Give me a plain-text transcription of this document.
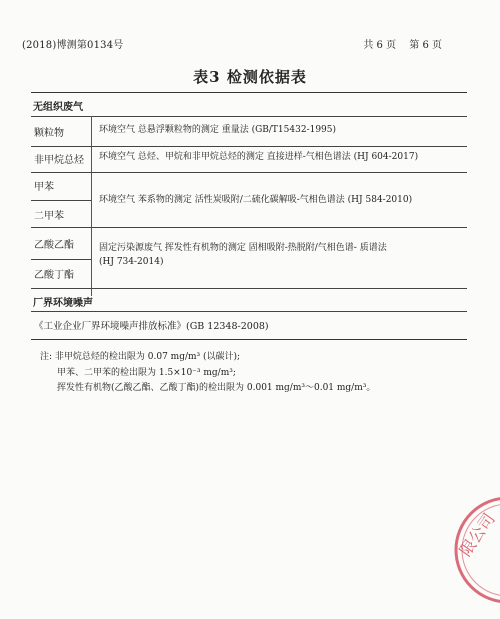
(2018)博测第0134号	共 6 页 第 6 页
表3 检测依据表
无组织废气
颗粒物	环境空气 总悬浮颗粒物的测定 重量法 (GB/T15432-1995)
非甲烷总烃 环境空气 总烃、甲烷和非甲烷总烃的测定 直接进样-气相色谱法 (HJ 604-2017)
甲苯
二甲苯
环境空气 苯系物的测定 活性炭吸附/二硫化碳解吸-气相色谱法 (HJ 584-2010)
乙酸乙酯
乙酸丁酯
固定污染源废气 挥发性有机物的测定 固相吸附-热脱附/气相色谱- 质谱法
(HJ 734-2014)
厂界环境噪声
《工业企业厂界环境噪声排放标准》(GB 12348-2008)
注: 非甲烷总烃的检出限为 0.07 mg/m³ (以碳计);
甲苯、二甲苯的检出限为 1.5×10⁻³ mg/m³;
挥发性有机物(乙酸乙酯、乙酸丁酯)的检出限为 0.001 mg/m³～0.01 mg/m³。
限公司
